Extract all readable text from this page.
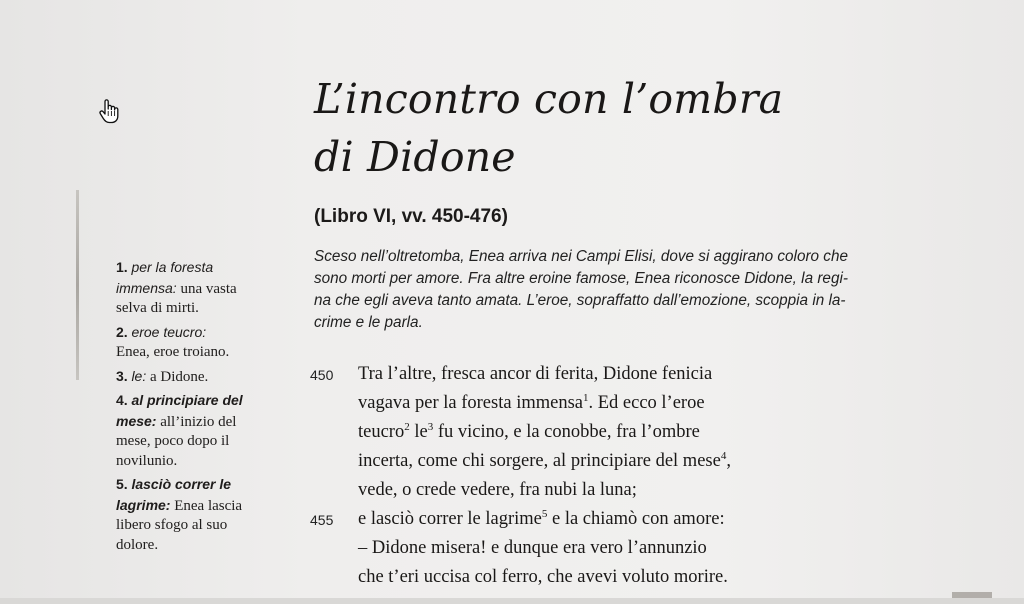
L’incontro con l’ombra
di Didone
(Libro VI, vv. 450-476)
Sceso nell’oltretomba, Enea arriva nei Campi Elisi, dove si aggirano coloro che
sono morti per amore. Fra altre eroine famose, Enea riconosce Didone, la regi-
na che egli aveva tanto amata. L’eroe, sopraffatto dall’emozione, scoppia in la-
crime e le parla.
1. per la foresta
immensa: una vasta
selva di mirti.
2. eroe teucro:
Enea, eroe troiano.
3. le: a Didone.
4. al principiare del
mese: all’inizio del
mese, poco dopo il
novilunio.
5. lasciò correr le
lagrime: Enea lascia
libero sfogo al suo
dolore.
450 Tra l’altre, fresca ancor di ferita, Didone fenicia
vagava per la foresta immensa$^1$. Ed ecco l’eroe
teucro$^2$ $le^3$ fu vicino, e la conobbe, fra l’ombre
incerta, come chi sorgere, al principiare del mese$^4$,
vede, o crede vedere, fra nubi la luna;
455 e lasciò correr le lagrime$^5$ e la chiamò con amore:
– Didone misera! e dunque era vero l’annunzio
che t’eri uccisa col ferro, che avevi voluto morire.
